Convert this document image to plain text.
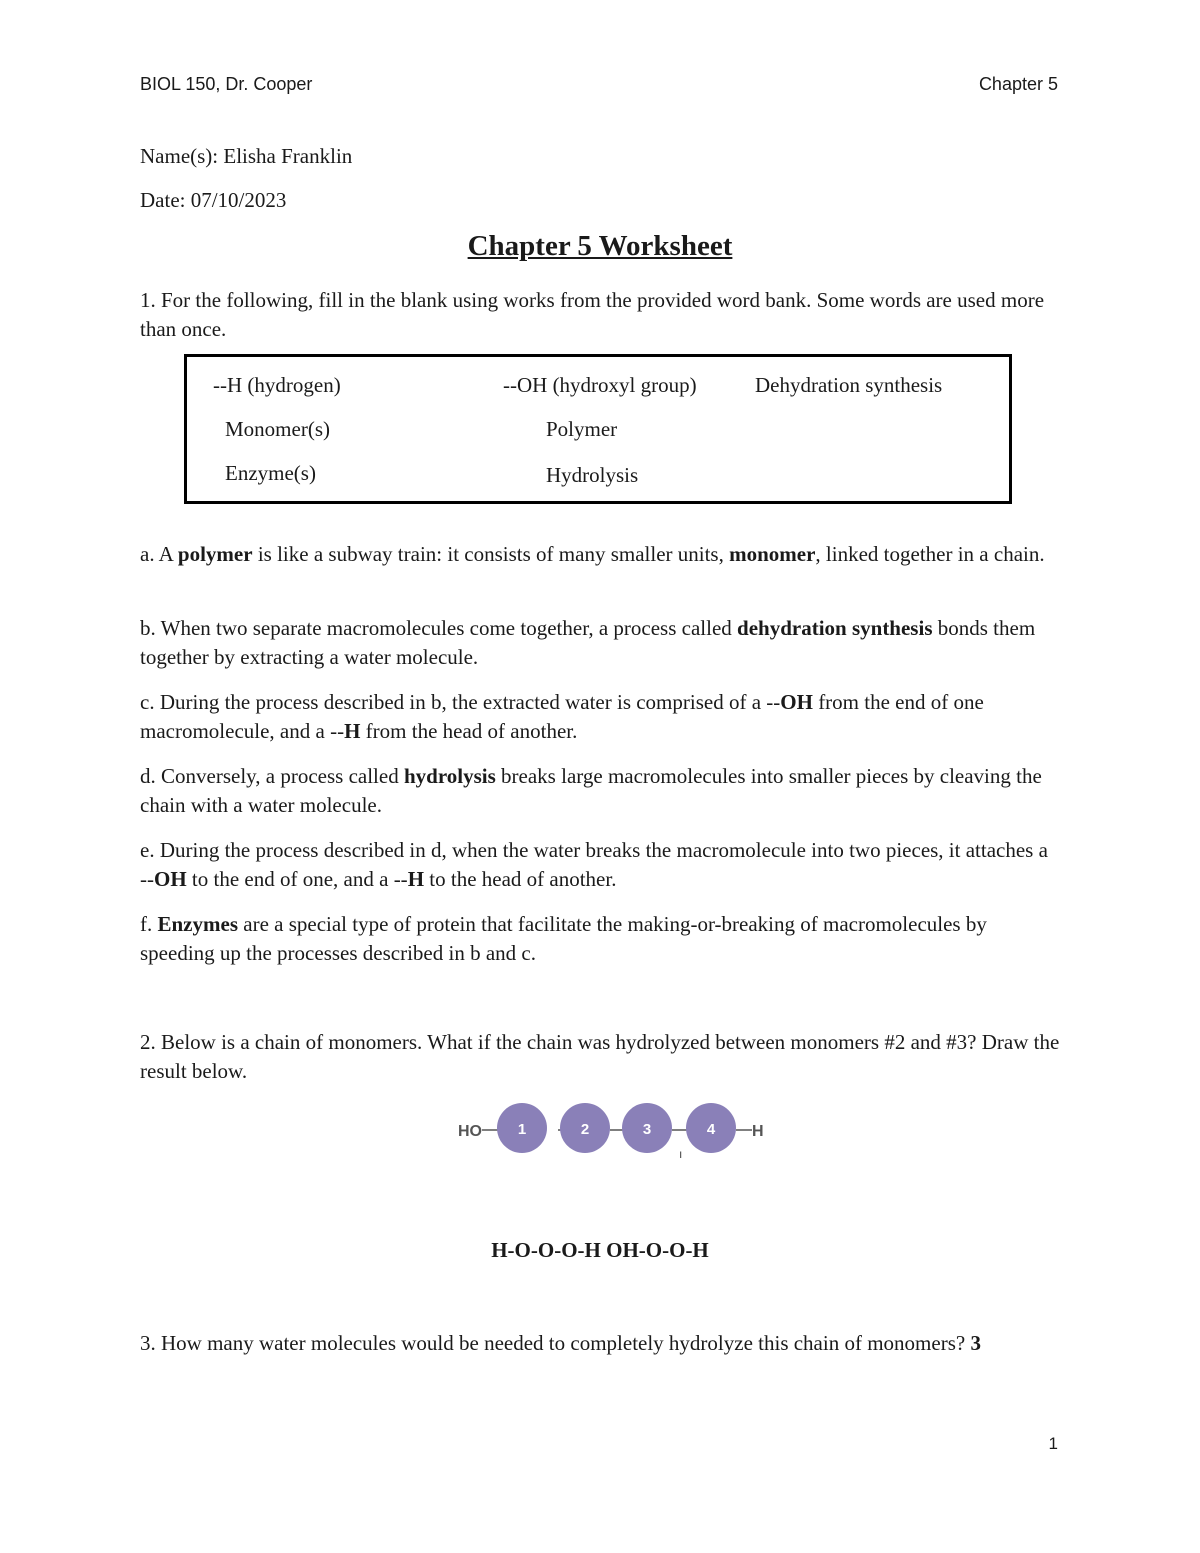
BIOL 150, Dr. Cooper	Chapter 5
Name(s): Elisha Franklin
Date: 07/10/2023
Chapter 5 Worksheet
1. For the following, fill in the blank using works from the provided word bank. Some words are used more than once.
--H (hydrogen)	--OH (hydroxyl group)	Dehydration synthesis
Monomer(s)	Polymer
Enzyme(s)	Hydrolysis
a. A polymer is like a subway train: it consists of many smaller units, monomer, linked together in a chain.
b. When two separate macromolecules come together, a process called dehydration synthesis bonds them together by extracting a water molecule.
c. During the process described in b, the extracted water is comprised of a --OH from the end of one macromolecule, and a --H from the head of another.
d. Conversely, a process called hydrolysis breaks large macromolecules into smaller pieces by cleaving the chain with a water molecule.
e. During the process described in d, when the water breaks the macromolecule into two pieces, it attaches a --OH to the end of one, and a --H to the head of another.
f. Enzymes are a special type of protein that facilitate the making-or-breaking of macromolecules by speeding up the processes described in b and c.
2. Below is a chain of monomers. What if the chain was hydrolyzed between monomers #2 and #3? Draw the result below.
HO 1	2	3	4 H
ı
H-O-O-O-H OH-O-O-H
3. How many water molecules would be needed to completely hydrolyze this chain of monomers? 3
1
